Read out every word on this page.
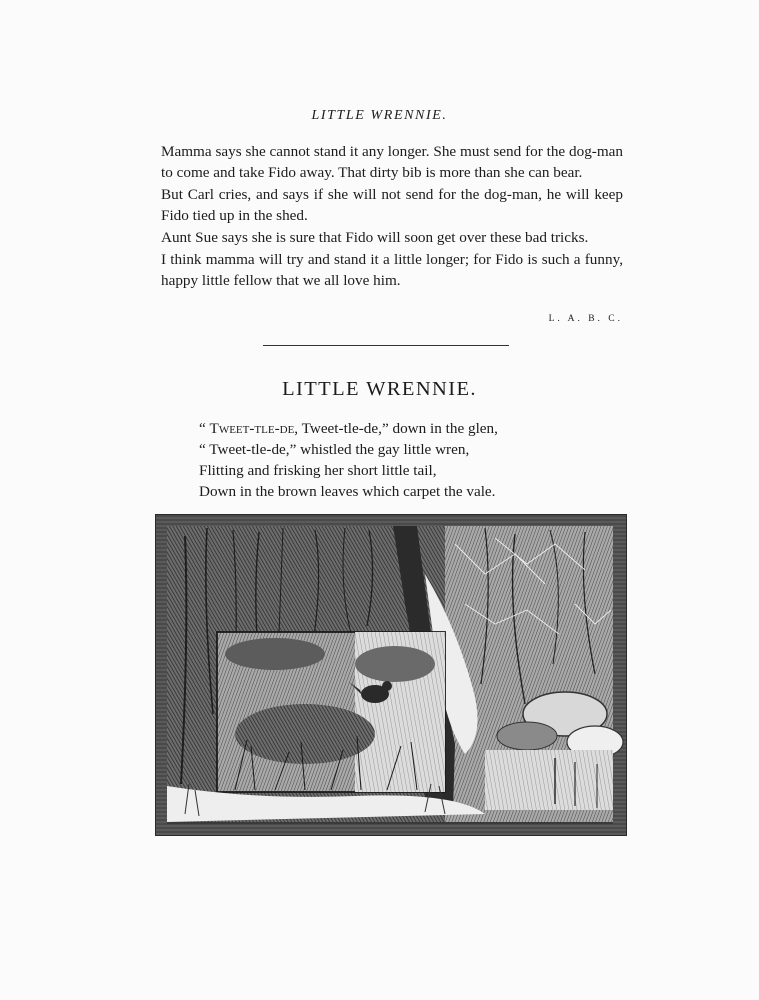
LITTLE WRENNIE.

Mamma says she cannot stand it any longer. She must send for the dog-man to come and take Fido away. That dirty bib is more than she can bear.

But Carl cries, and says if she will not send for the dog-man, he will keep Fido tied up in the shed.

Aunt Sue says she is sure that Fido will soon get over these bad tricks.

I think mamma will try and stand it a little longer; for Fido is such a funny, happy little fellow that we all love him.

L. A. B. C.
LITTLE WRENNIE.
“ Tweet-tle-de, Tweet-tle-de,” down in the glen,
“ Tweet-tle-de,” whistled the gay little wren,
Flitting and frisking her short little tail,
Down in the brown leaves which carpet the vale.
